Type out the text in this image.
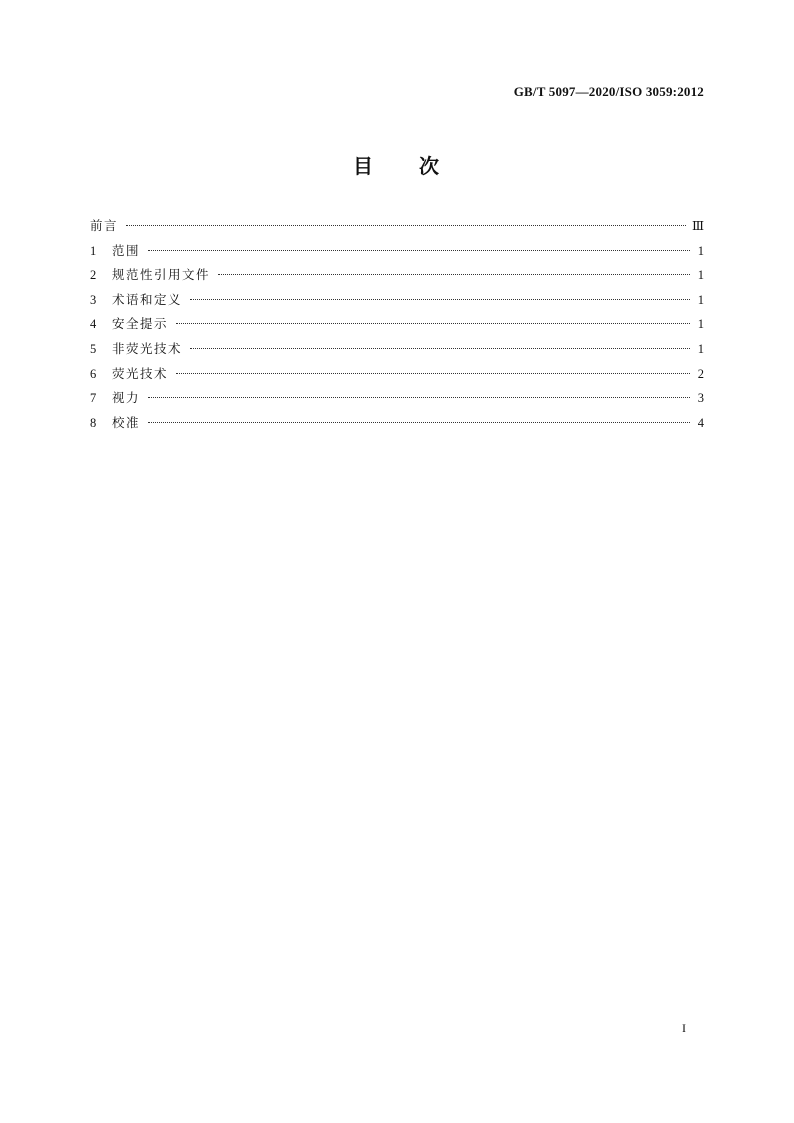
GB/T 5097—2020/ISO 3059:2012
目 次
前言	Ⅲ
1	范围	1
2	规范性引用文件	1
3	术语和定义	1
4	安全提示	1
5	非荧光技术	1
6	荧光技术	2
7	视力	3
8	校准	4
I
